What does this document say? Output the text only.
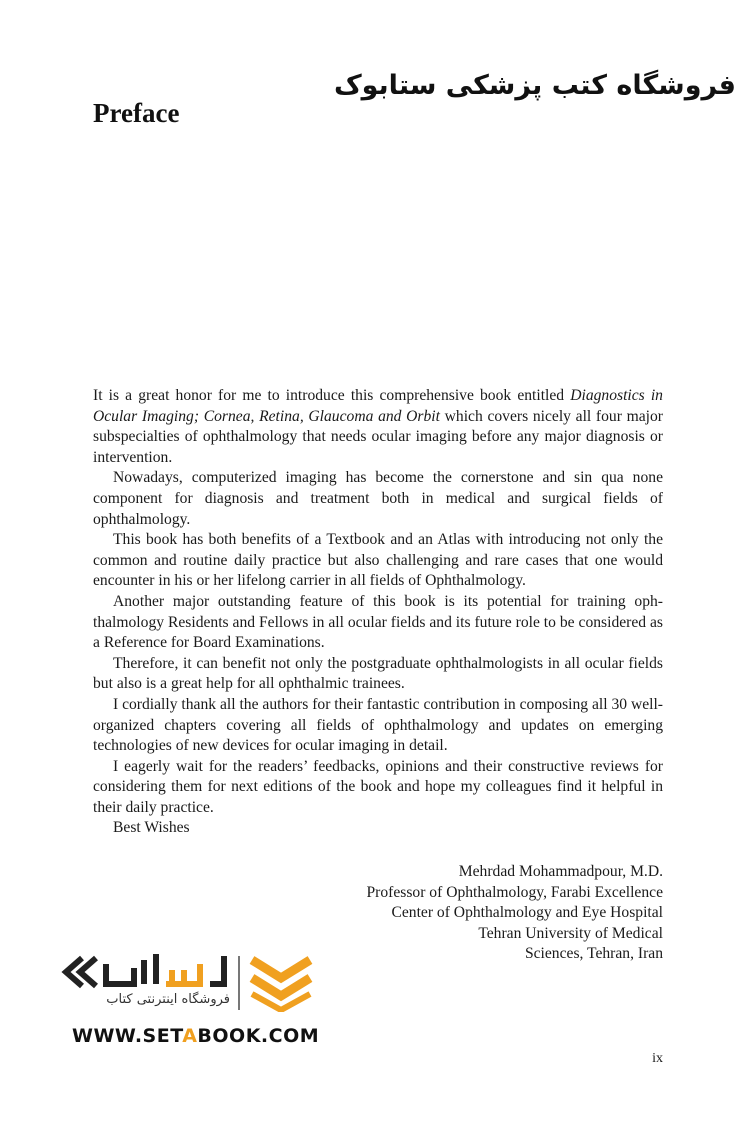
فروشگاه کتب پزشکی ستابوک
Preface

It is a great honor for me to introduce this comprehensive book entitled Diagnostics in Ocular Imaging; Cornea, Retina, Glaucoma and Orbit which covers nicely all four major subspecialties of ophthalmology that needs ocular imaging before any major diagnosis or intervention.

Nowadays, computerized imaging has become the cornerstone and sin qua none component for diagnosis and treatment both in medical and surgical fields of ophthalmology.

This book has both benefits of a Textbook and an Atlas with introducing not only the common and routine daily practice but also challenging and rare cases that one would encounter in his or her lifelong carrier in all fields of Ophthalmology.

Another major outstanding feature of this book is its potential for training ophthalmology Residents and Fellows in all ocular fields and its future role to be considered as a Reference for Board Examinations.

Therefore, it can benefit not only the postgraduate ophthalmologists in all ocular fields but also is a great help for all ophthalmic trainees.

I cordially thank all the authors for their fantastic contribution in composing all 30 well-organized chapters covering all fields of ophthalmology and updates on emerging technologies of new devices for ocular imaging in detail.

I eagerly wait for the readers’ feedbacks, opinions and their constructive reviews for considering them for next editions of the book and hope my colleagues find it helpful in their daily practice.

Best Wishes

Mehrdad Mohammadpour, M.D.
Professor of Ophthalmology, Farabi Excellence
Center of Ophthalmology and Eye Hospital
Tehran University of Medical
Sciences, Tehran, Iran
فروشگاه اینترنتی کتاب
WWW.SETABOOK.COM
ix
